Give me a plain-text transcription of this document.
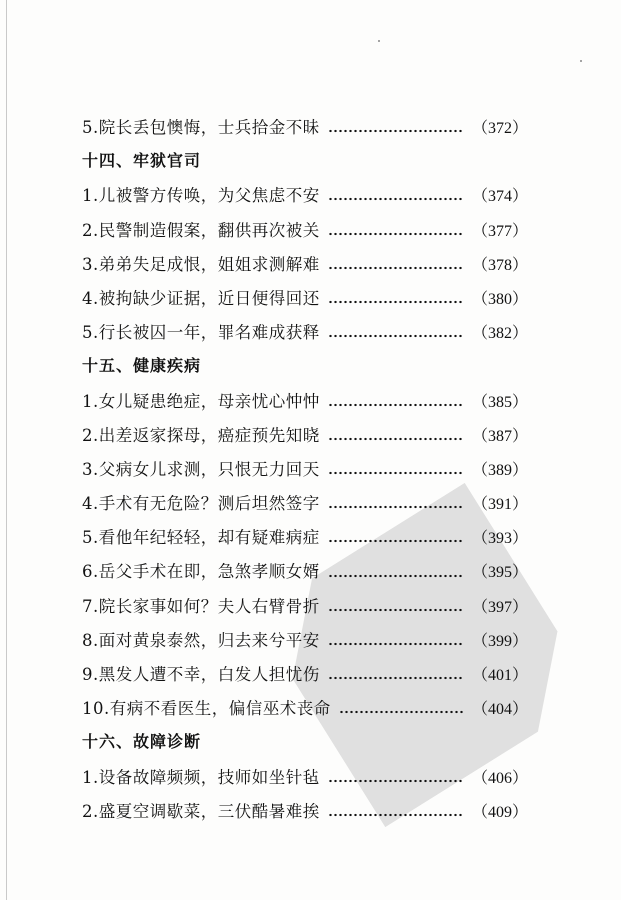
5.院长丢包懊悔，士兵拾金不昧	（372）
十四、牢狱官司
1.儿被警方传唤，为父焦虑不安	（374）
2.民警制造假案，翻供再次被关	（377）
3.弟弟失足成恨，姐姐求测解难	（378）
4.被拘缺少证据，近日便得回还	（380）
5.行长被囚一年，罪名难成获释	（382）
十五、健康疾病
1.女儿疑患绝症，母亲忧心忡忡	（385）
2.出差返家探母，癌症预先知晓	（387）
3.父病女儿求测，只恨无力回天	（389）
4.手术有无危险？测后坦然签字	（391）
5.看他年纪轻轻，却有疑难病症	（393）
6.岳父手术在即，急煞孝顺女婿	（395）
7.院长家事如何？夫人右臂骨折	（397）
8.面对黄泉泰然，归去来兮平安	（399）
9.黑发人遭不幸，白发人担忧伤	（401）
10.有病不看医生，偏信巫术丧命	（404）
十六、故障诊断
1.设备故障频频，技师如坐针毡	（406）
2.盛夏空调歇菜，三伏酷暑难挨	（409）
